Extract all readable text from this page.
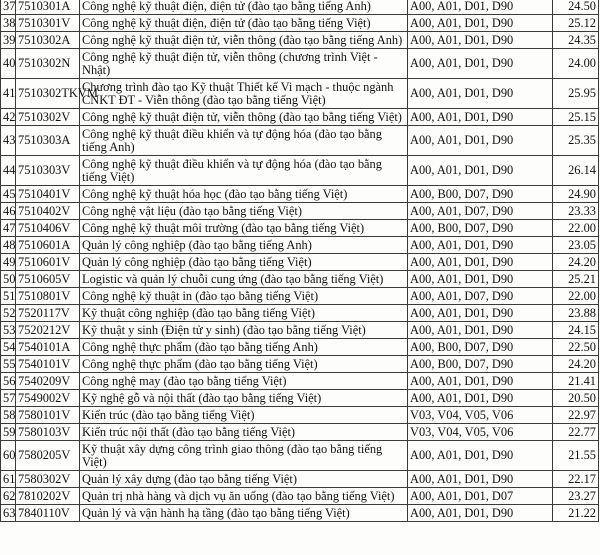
37	7510301A	Công nghệ kỹ thuật điện, điện tử (đào tạo bằng tiếng Anh)	A00, A01, D01, D90	24.50
38	7510301V	Công nghệ kỹ thuật điện, điện tử (đào tạo bằng tiếng Việt)	A00, A01, D01, D90	25.12
39	7510302A	Công nghệ kỹ thuật điện tử, viễn thông (đào tạo bằng tiếng Anh)	A00, A01, D01, D90	24.35
40	7510302N	Công nghệ kỹ thuật điện tử, viễn thông (chương trình Việt - Nhật)	A00, A01, D01, D90	24.00
41	7510302TKVM	Chương trình đào tạo Kỹ thuật Thiết kế Vi mạch - thuộc ngành CNKT ĐT - Viễn thông (đào tạo bằng tiếng Việt)	A00, A01, D01, D90	25.95
42	7510302V	Công nghệ kỹ thuật điện tử, viễn thông (đào tạo bằng tiếng Việt)	A00, A01, D01, D90	25.15
43	7510303A	Công nghệ kỹ thuật điều khiển và tự động hóa (đào tạo bằng tiếng Anh)	A00, A01, D01, D90	25.35
44	7510303V	Công nghệ kỹ thuật điều khiển và tự động hóa (đào tạo bằng tiếng Việt)	A00, A01, D01, D90	26.14
45	7510401V	Công nghệ kỹ thuật hóa học (đào tạo bằng tiếng Việt)	A00, B00, D07, D90	24.90
46	7510402V	Công nghệ vật liệu (đào tạo bằng tiếng Việt)	A00, A01, D07, D90	23.33
47	7510406V	Công nghệ kỹ thuật môi trường (đào tạo bằng tiếng Việt)	A00, B00, D07, D90	22.00
48	7510601A	Quản lý công nghiệp (đào tạo bằng tiếng Anh)	A00, A01, D01, D90	23.05
49	7510601V	Quản lý công nghiệp (đào tạo bằng tiếng Việt)	A00, A01, D01, D90	24.20
50	7510605V	Logistic và quản lý chuỗi cung ứng (đào tạo bằng tiếng Việt)	A00, A01, D01, D90	25.21
51	7510801V	Công nghệ kỹ thuật in (đào tạo bằng tiếng Việt)	A00, A01, D07, D90	22.00
52	7520117V	Kỹ thuật công nghiệp (đào tạo bằng tiếng Việt)	A00, A01, D01, D90	23.88
53	7520212V	Kỹ thuật y sinh (Điện tử y sinh) (đào tạo bằng tiếng Việt)	A00, A01, D01, D90	24.15
54	7540101A	Công nghệ thực phẩm (đào tạo bằng tiếng Anh)	A00, B00, D07, D90	22.50
55	7540101V	Công nghệ thực phẩm (đào tạo bằng tiếng Việt)	A00, B00, D07, D90	24.20
56	7540209V	Công nghệ may (đào tạo bằng tiếng Việt)	A00, A01, D01, D90	21.41
57	7549002V	Kỹ nghệ gỗ và nội thất (đào tạo bằng tiếng Việt)	A00, A01, D01, D90	20.50
58	7580101V	Kiến trúc (đào tạo bằng tiếng Việt)	V03, V04, V05, V06	22.97
59	7580103V	Kiến trúc nội thất (đào tạo bằng tiếng Việt)	V03, V04, V05, V06	22.77
60	7580205V	Kỹ thuật xây dựng công trình giao thông (đào tạo bằng tiếng Việt)	A00, A01, D01, D90	21.55
61	7580302V	Quản lý xây dựng (đào tạo bằng tiếng Việt)	A00, A01, D01, D90	22.17
62	7810202V	Quản trị nhà hàng và dịch vụ ăn uống (đào tạo bằng tiếng Việt)	A00, A01, D01, D07	23.27
63	7840110V	Quản lý và vận hành hạ tầng (đào tạo bằng tiếng Việt)	A00, A01, D01, D90	21.22
